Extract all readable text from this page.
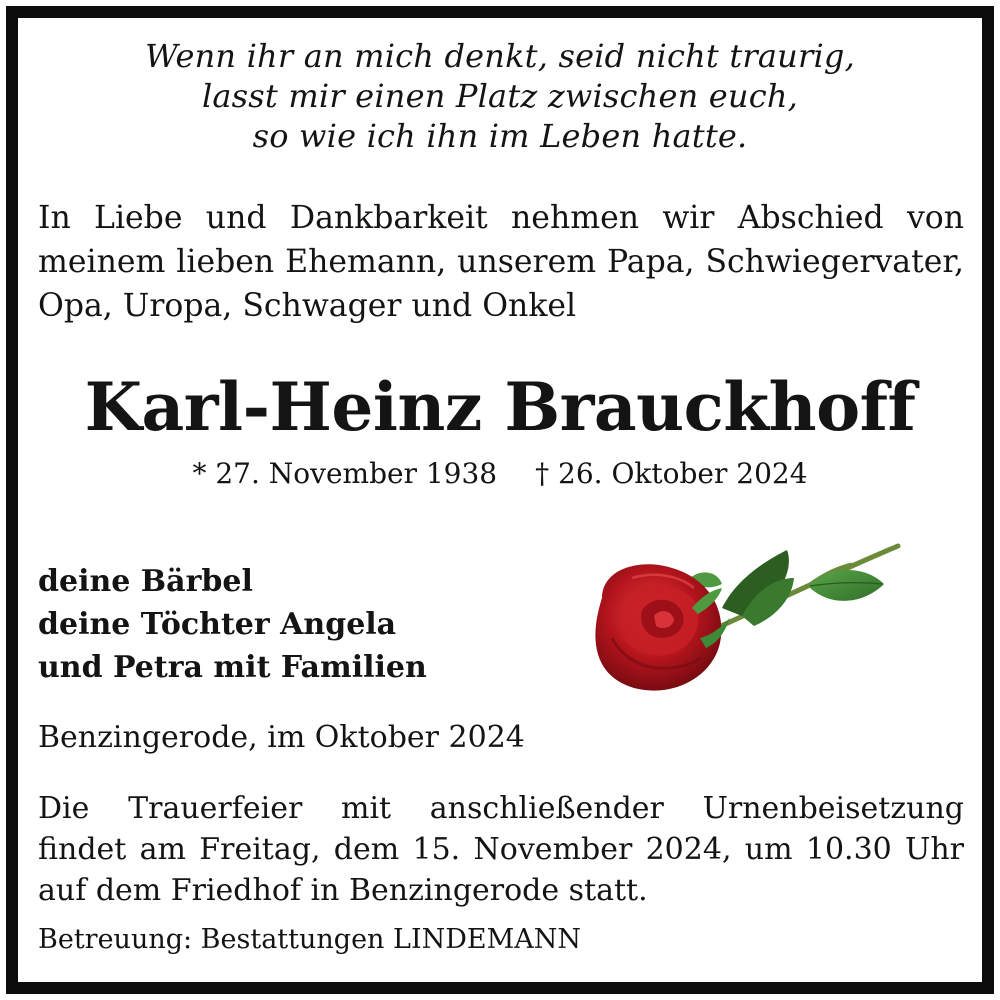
Wenn ihr an mich denkt, seid nicht traurig,
lasst mir einen Platz zwischen euch,
so wie ich ihn im Leben hatte.
In Liebe und Dankbarkeit nehmen wir Abschied von
meinem lieben Ehemann, unserem Papa, Schwiegervater,
Opa, Uropa, Schwager und Onkel
Karl-Heinz Brauckhoff
* 27. November 1938 † 26. Oktober 2024
deine Bärbel
deine Töchter Angela
und Petra mit Familien
Benzingerode, im Oktober 2024
Die Trauerfeier mit anschließender Urnenbeisetzung
findet am Freitag, dem 15. November 2024, um 10.30 Uhr
auf dem Friedhof in Benzingerode statt.
Betreuung: Bestattungen LINDEMANN
